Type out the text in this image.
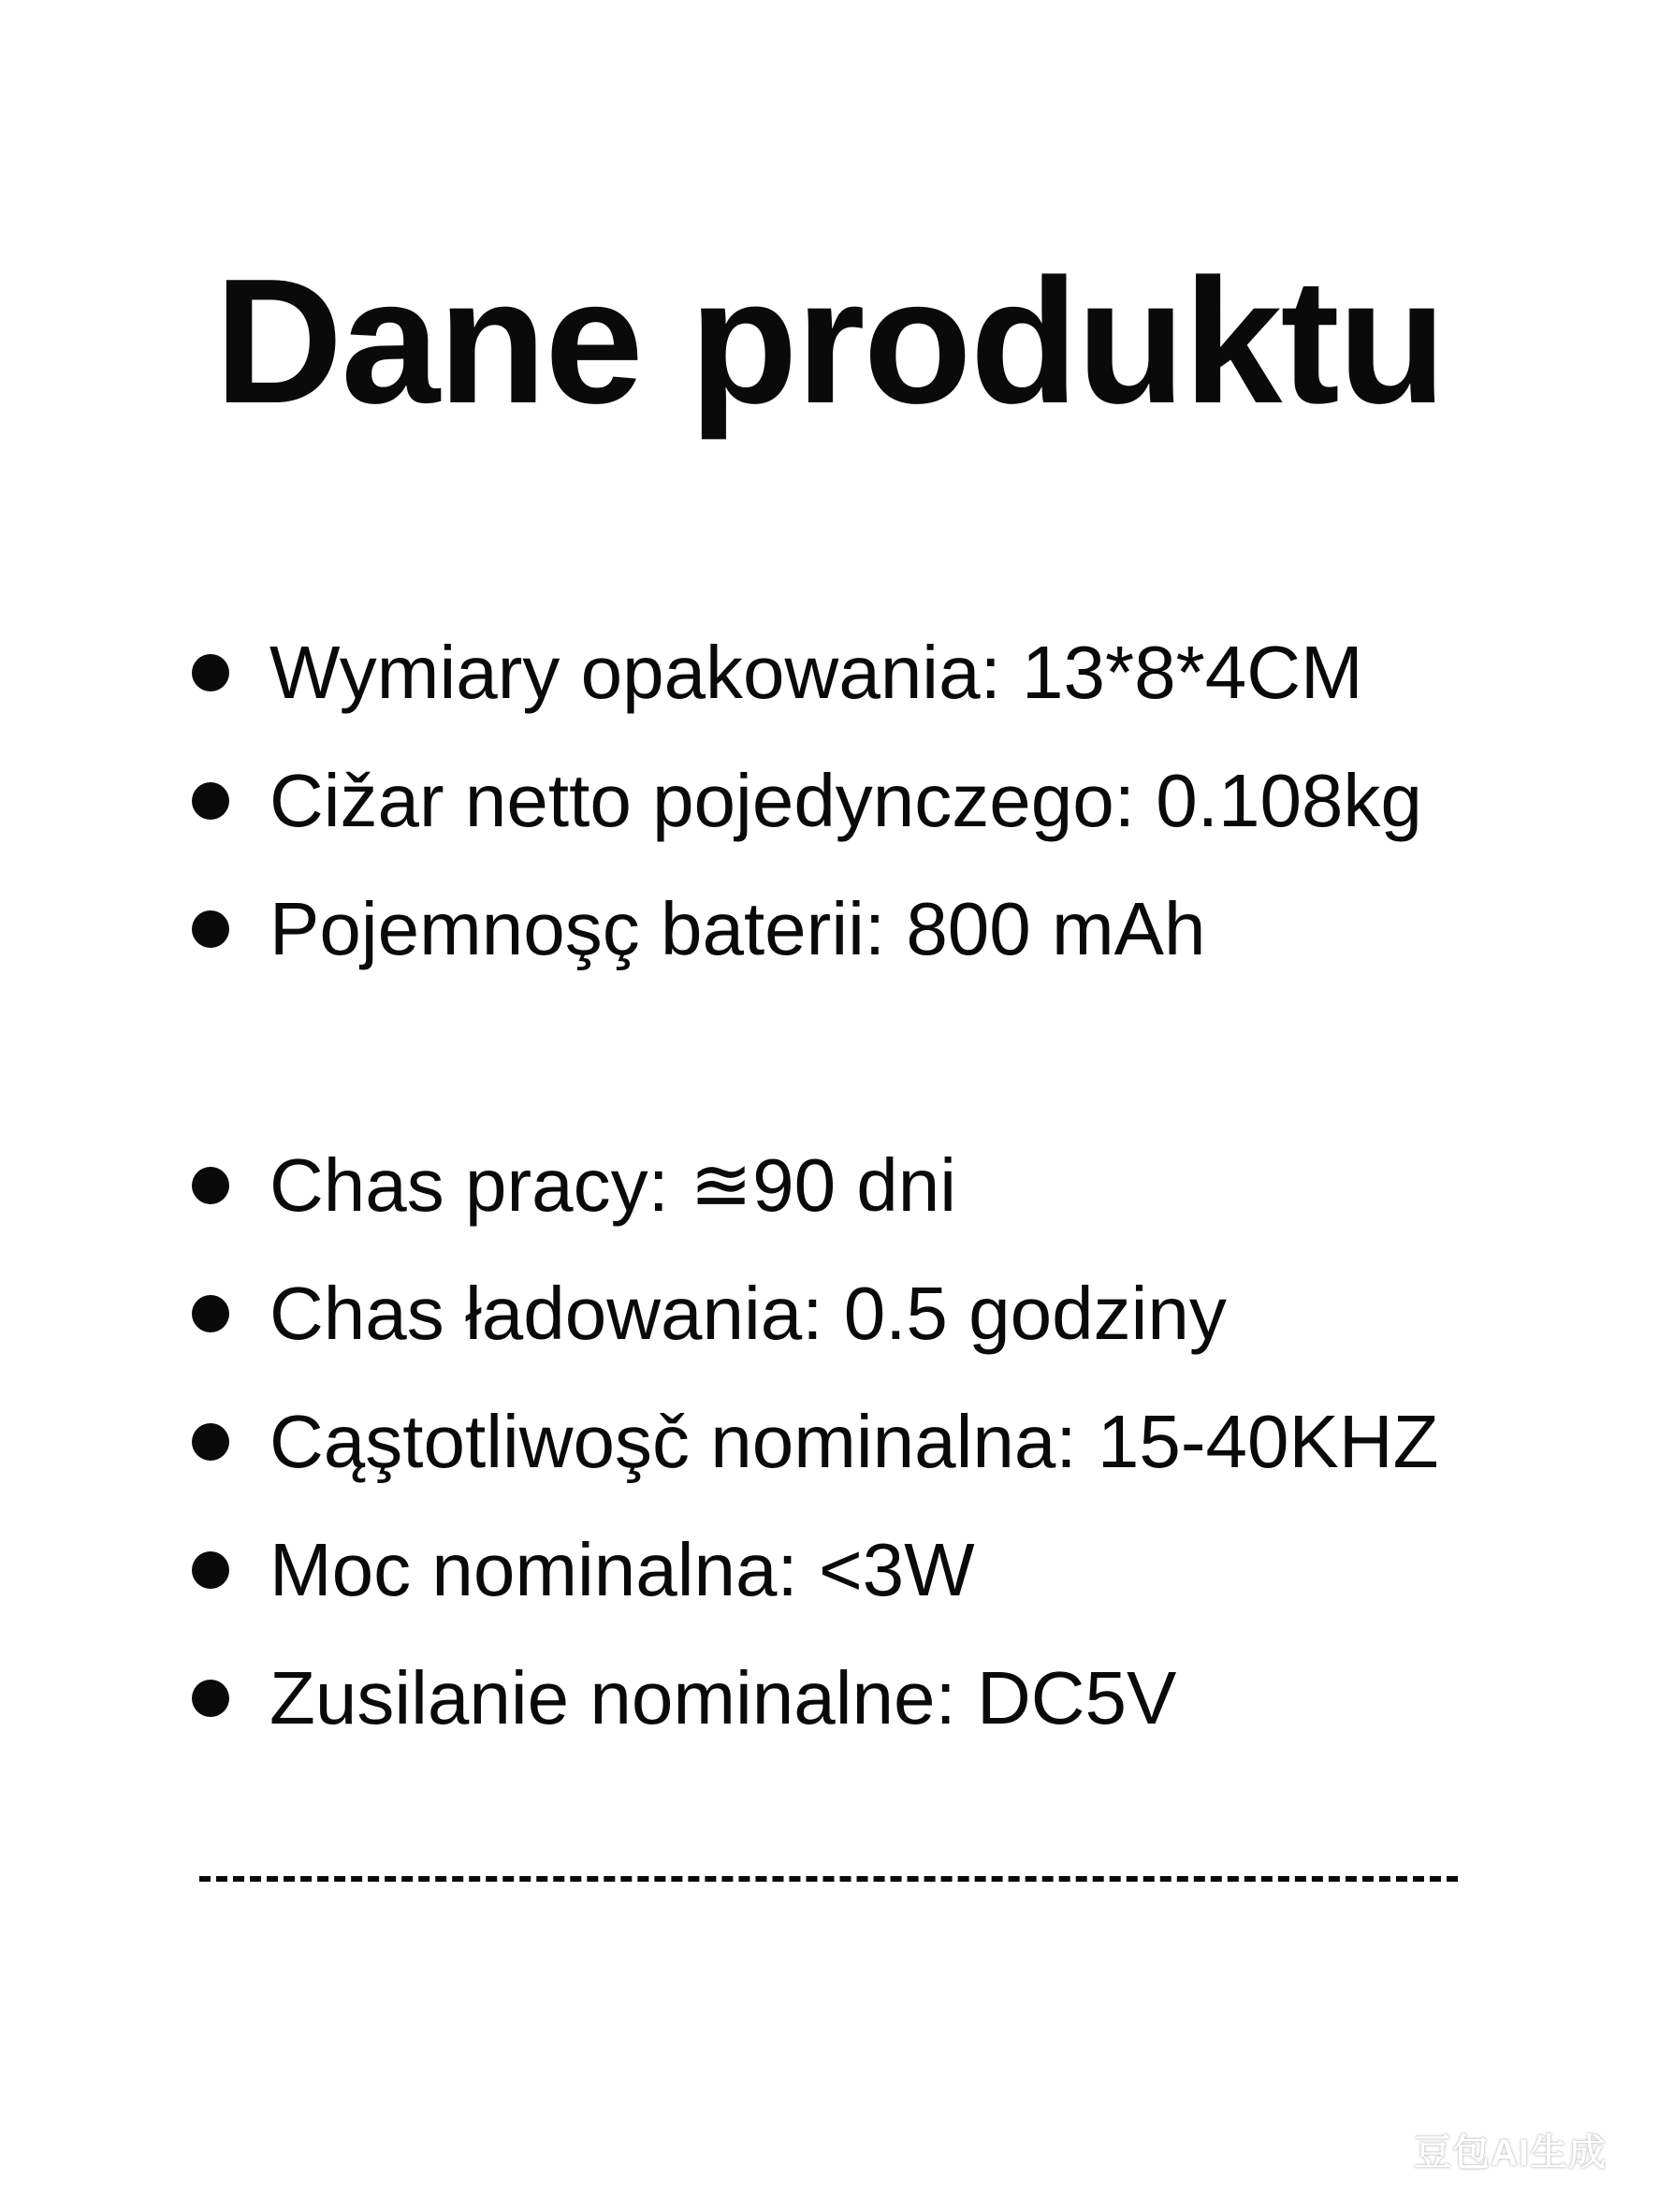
Dane produktu
Wymiary opakowania: 13*8*4CM
Cižar netto pojedynczego: 0.108kg
Pojemnoşç baterii: 800 mAh
Chas pracy: ≊90 dni
Chas ładowania: 0.5 godziny
Cąştotliwoşč nominalna: 15-40KHZ
Moc nominalna: <3W
Zusilanie nominalne: DC5V
豆包AI生成
